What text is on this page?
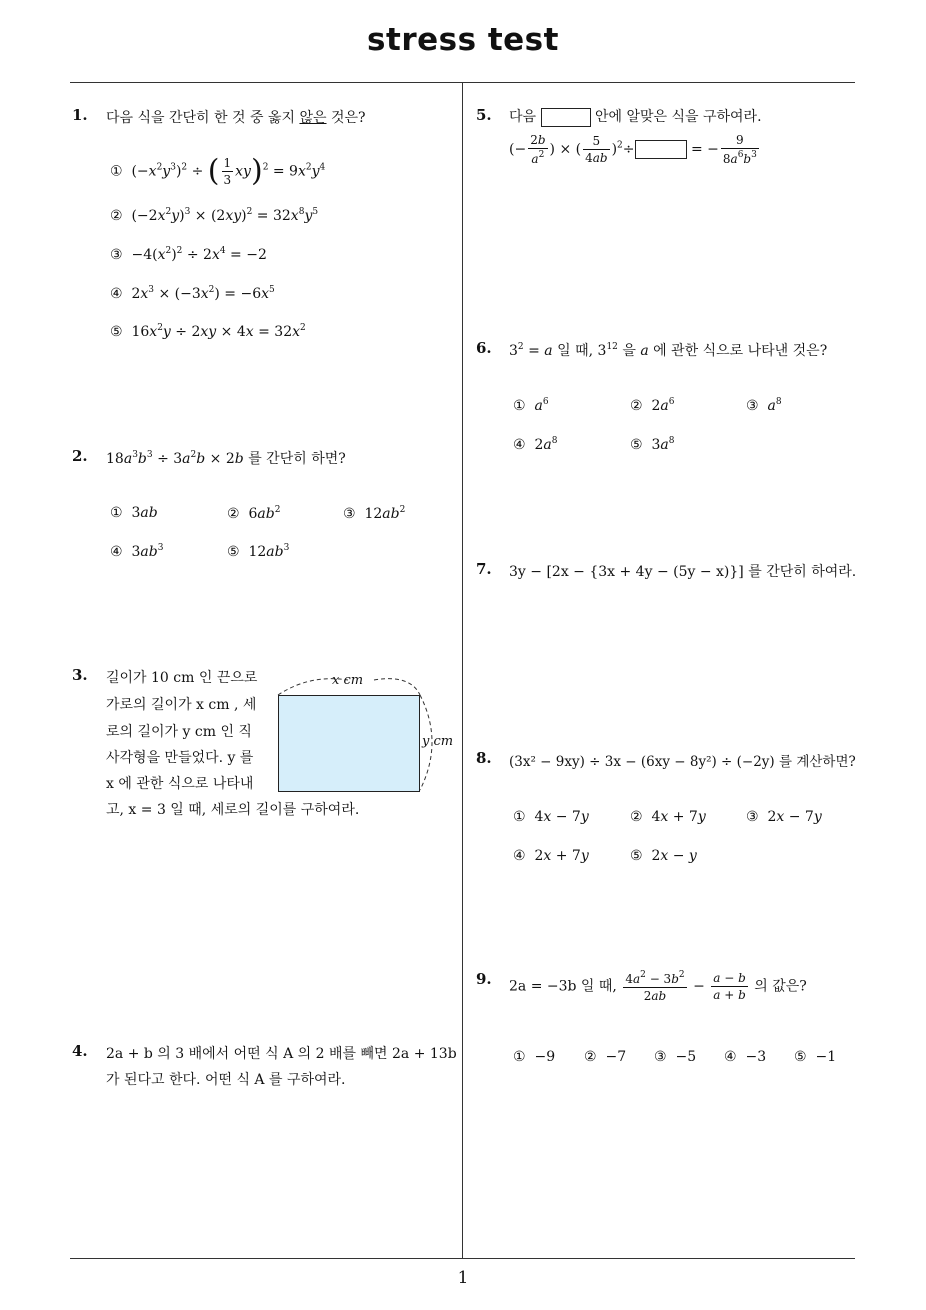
stress test
1
1. 다음 식을 간단히 한 것 중 옳지 않은 것은?
①  $(-x^2y^3)^2$ ÷ ( $\frac{1}{3} xy)^2 = 9x^2y^4$
②  $(-2x^2y)^3 \times (2xy)^2 = 32x^8y^5$
③  $-4(x^2)^2 \div 2x^4 = -2$
④  $2x^3 \times (-3x^2) = -6x^5$
⑤  $16x^2y \div 2xy \times 4x = 32x^2$
2. $18a^3b^3 \div 3a^2b \times 2b$ 를 간단히 하면?
①  3ab	②  $6ab^2$	③  $12ab^2$
④  $3ab^3$	⑤  $12ab^3$
3. 길이가 10 cm 인 끈으로
가로의 길이가 x cm , 세
로의 길이가 y cm 인 직
사각형을 만들었다. y 를
x 에 관한 식으로 나타내
고, x = 3 일 때, 세로의 길이를 구하여라.
x cm
y cm
4. 2a + b 의 3 배에서 어떤 식 A 의 2 배를 빼면 2a + 13b
가 된다고 한다. 어떤 식 A 를 구하여라.
5. 다음	안에 알맞은 식을 구하여라.
(− $\frac{2b}{a^2}$ ) × ( $\frac{5}{4ab} )^2\div$	= − $\frac{9}{8a^6b^3}$
6. $3^2 = a$ 일 때, $3^{12}$ 을 a 에 관한 식으로 나타낸 것은?
① $a^6$	②  $2a^6$	③ $a^8$
④  $2a^8$	⑤  $3a^8$
7. 3y − [2x − {3x + 4y − (5y − x)}] 를 간단히 하여라.
8. (3x² − 9xy) ÷ 3x − (6xy − 8y²) ÷ (−2y) 를 계산하면?
①  4x − 7y	②  4x + 7y	③  2x − 7y
④  2x + 7y	⑤  2x − y
9. 2a = −3b 일 때, $\frac{4a^2 - 3b^2}{2ab} - \frac{a - b}{a + b}$ 의 값은?
① −9 ② −7 ③ −5 ④ −3 ⑤ −1
